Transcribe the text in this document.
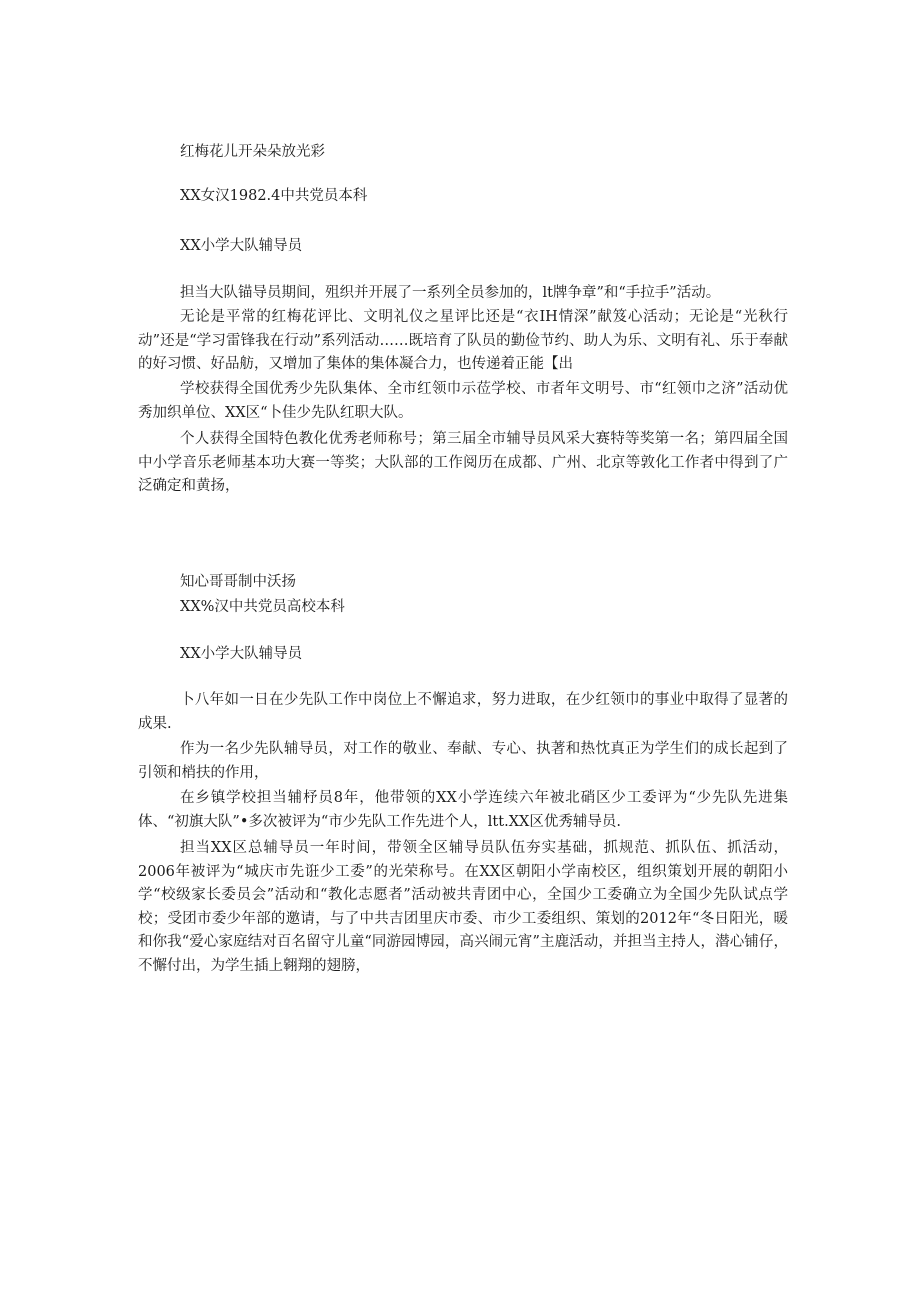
红梅花儿开朵朵放光彩
XX女汉1982.4中共党员本科
XX小学大队辅导员

担当大队锚导员期间，殂织并开展了一系列全员参加的，lt牌争章”和“手拉手”活动。

无论是平常的红梅花评比、文明礼仪之星评比还是“衣IH情深”献笈心活动；无论是“光秋行动”还是“学习雷锋我在行动”系列活动……既培育了队员的勤俭节约、助人为乐、文明有礼、乐于奉献的好习惯、好品舫，又增加了集体的集体凝合力，也传递着正能【出

学校获得全国优秀少先队集体、全市红领巾示莅学校、市者年文明号、市“红领巾之济”活动优秀加织单位、XX区“卜佳少先队红职大队。

个人获得全国特色教化优秀老师称号；第三届全市辅导员风采大赛特等奖第一名；第四届全国中小学音乐老师基本功大赛一等奖；大队部的工作阅历在成都、广州、北京等敦化工作者中得到了广泛确定和黄扬，

知心哥哥制中沃扬
XX%汉中共党员高校本科
XX小学大队辅导员

卜八年如一日在少先队工作中岗位上不懈追求，努力进取，在少红领巾的事业中取得了显著的成果.

作为一名少先队辅导员，对工作的敬业、奉献、专心、执著和热忱真正为学生们的成长起到了引领和梢扶的作用，

在乡镇学校担当辅杼员8年，他带领的XX小学连续六年被北硝区少工委评为“少先队先进集体、“初旗大队”•多次被评为“市少先队工作先进个人，ltt.XX区优秀辅导员.

担当XX区总辅导员一年时间，带领全区辅导员队伍夯实基础，抓规范、抓队伍、抓活动，2006年被评为“城庆市先诳少工委”的光荣称号。在XX区朝阳小学南校区，组织策划开展的朝阳小学“校级家长委员会”活动和“教化志愿者”活动被共青团中心，全国少工委确立为全国少先队试点学校；受团市委少年部的邀请，与了中共吉团里庆市委、市少工委组织、策划的2012年“冬日阳光，暖和你我“爱心家庭结对百名留守儿童“同游园博园，高兴闹元宵”主鹿活动，并担当主持人，潜心铺仔，不懈付出，为学生插上翱翔的翅膀，
